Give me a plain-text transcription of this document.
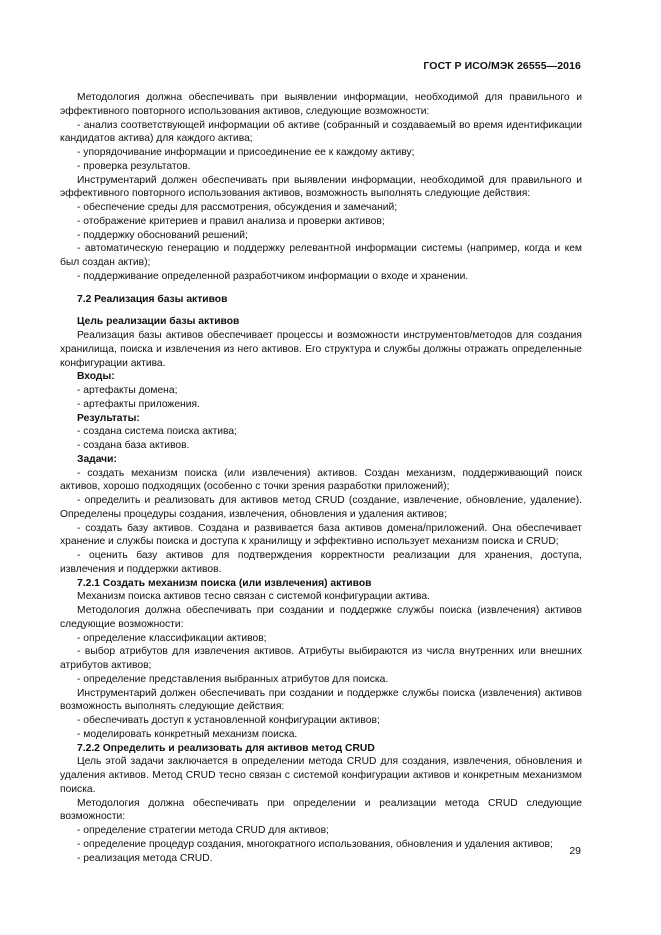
ГОСТ Р ИСО/МЭК 26555—2016

Методология должна обеспечивать при выявлении информации, необходимой для правильного и эффективного повторного использования активов, следующие возможности:

- анализ соответствующей информации об активе (собранный и создаваемый во время идентификации кандидатов актива) для каждого актива;

- упорядочивание информации и присоединение ее к каждому активу;

- проверка результатов.

Инструментарий должен обеспечивать при выявлении информации, необходимой для правильного и эффективного повторного использования активов, возможность выполнять следующие действия:

- обеспечение среды для рассмотрения, обсуждения и замечаний;

- отображение критериев и правил анализа и проверки активов;

- поддержку обоснований решений;

- автоматическую генерацию и поддержку релевантной информации системы (например, когда и кем был создан актив);

- поддерживание определенной разработчиком информации о входе и хранении.

7.2 Реализация базы активов

Цель реализации базы активов

Реализация базы активов обеспечивает процессы и возможности инструментов/методов для создания хранилища, поиска и извлечения из него активов. Его структура и службы должны отражать определенные конфигурации актива.

Входы:

- артефакты домена;

- артефакты приложения.

Результаты:

- создана система поиска актива;

- создана база активов.

Задачи:

- создать механизм поиска (или извлечения) активов. Создан механизм, поддерживающий поиск активов, хорошо подходящих (особенно с точки зрения разработки приложений);

- определить и реализовать для активов метод CRUD (создание, извлечение, обновление, удаление). Определены процедуры создания, извлечения, обновления и удаления активов;

- создать базу активов. Создана и развивается база активов домена/приложений. Она обеспечивает хранение и службы поиска и доступа к хранилищу и эффективно использует механизм поиска и CRUD;

- оценить базу активов для подтверждения корректности реализации для хранения, доступа, извлечения и поддержки активов.

7.2.1 Создать механизм поиска (или извлечения) активов

Механизм поиска активов тесно связан с системой конфигурации актива.

Методология должна обеспечивать при создании и поддержке службы поиска (извлечения) активов следующие возможности:

- определение классификации активов;

- выбор атрибутов для извлечения активов. Атрибуты выбираются из числа внутренних или внешних атрибутов активов;

- определение представления выбранных атрибутов для поиска.

Инструментарий должен обеспечивать при создании и поддержке службы поиска (извлечения) активов возможность выполнять следующие действия:

- обеспечивать доступ к установленной конфигурации активов;

- моделировать конкретный механизм поиска.

7.2.2 Определить и реализовать для активов метод CRUD

Цель этой задачи заключается в определении метода CRUD для создания, извлечения, обновления и удаления активов. Метод CRUD тесно связан с системой конфигурации активов и конкретным механизмом поиска.

Методология должна обеспечивать при определении и реализации метода CRUD следующие возможности:

- определение стратегии метода CRUD для активов;

- определение процедур создания, многократного использования, обновления и удаления активов;

- реализация метода CRUD.

29
